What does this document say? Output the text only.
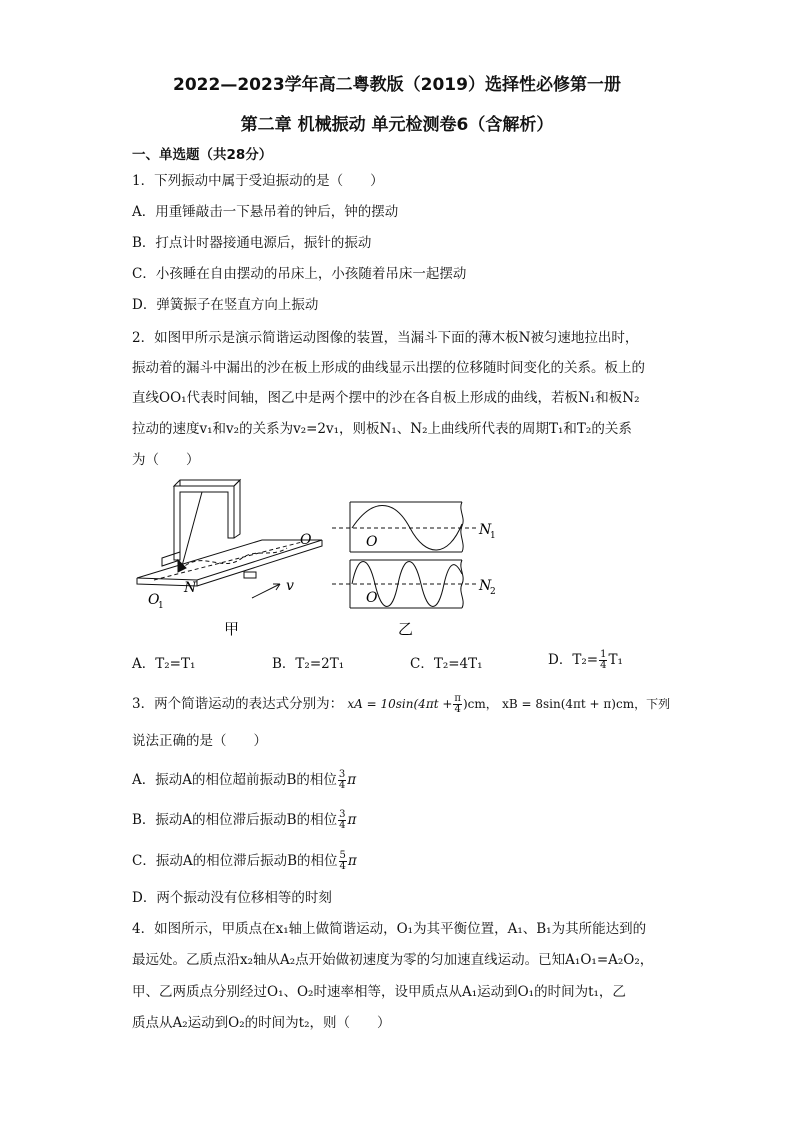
2022—2023学年高二粤教版（2019）选择性必修第一册
第二章 机械振动 单元检测卷6（含解析）
一、单选题（共28分）
1．下列振动中属于受迫振动的是（　　）
A．用重锤敲击一下悬吊着的钟后，钟的摆动
B．打点计时器接通电源后，振针的振动
C．小孩睡在自由摆动的吊床上，小孩随着吊床一起摆动
D．弹簧振子在竖直方向上振动
2．如图甲所示是演示简谐运动图像的装置，当漏斗下面的薄木板N被匀速地拉出时，
振动着的漏斗中漏出的沙在板上形成的曲线显示出摆的位移随时间变化的关系。板上的
直线OO₁代表时间轴，图乙中是两个摆中的沙在各自板上形成的曲线，若板N₁和板N₂
拉动的速度v₁和v₂的关系为v₂=2v₁，则板N₁、N₂上曲线所代表的周期T₁和T₂的关系
为（　　）
O
O
1
N	v
甲
O
O
N
1
N
2
乙
A．T₂=T₁	B．T₂=2T₁	C．T₂=4T₁	D．$T_2= \frac{1}{4} T_1$
3．两个简谐运动的表达式分别为： xA = $10\sin(4\pi t + \frac{\pi}{4} )cm$， xB = 8sin(4πt + π)cm，下列
说法正确的是（　　）
A．振动A的相位超前振动B的相位 $\frac{3}{4}$ π
B．振动A的相位滞后振动B的相位 $\frac{3}{4}$ π
C．振动A的相位滞后振动B的相位 $\frac{5}{4}$ π
D．两个振动没有位移相等的时刻
4．如图所示，甲质点在x₁轴上做简谐运动，O₁为其平衡位置，A₁、B₁为其所能达到的
最远处。乙质点沿x₂轴从A₂点开始做初速度为零的匀加速直线运动。已知A₁O₁=A₂O₂，
甲、乙两质点分别经过O₁、O₂时速率相等，设甲质点从A₁运动到O₁的时间为t₁，乙
质点从A₂运动到O₂的时间为t₂，则（　　）
